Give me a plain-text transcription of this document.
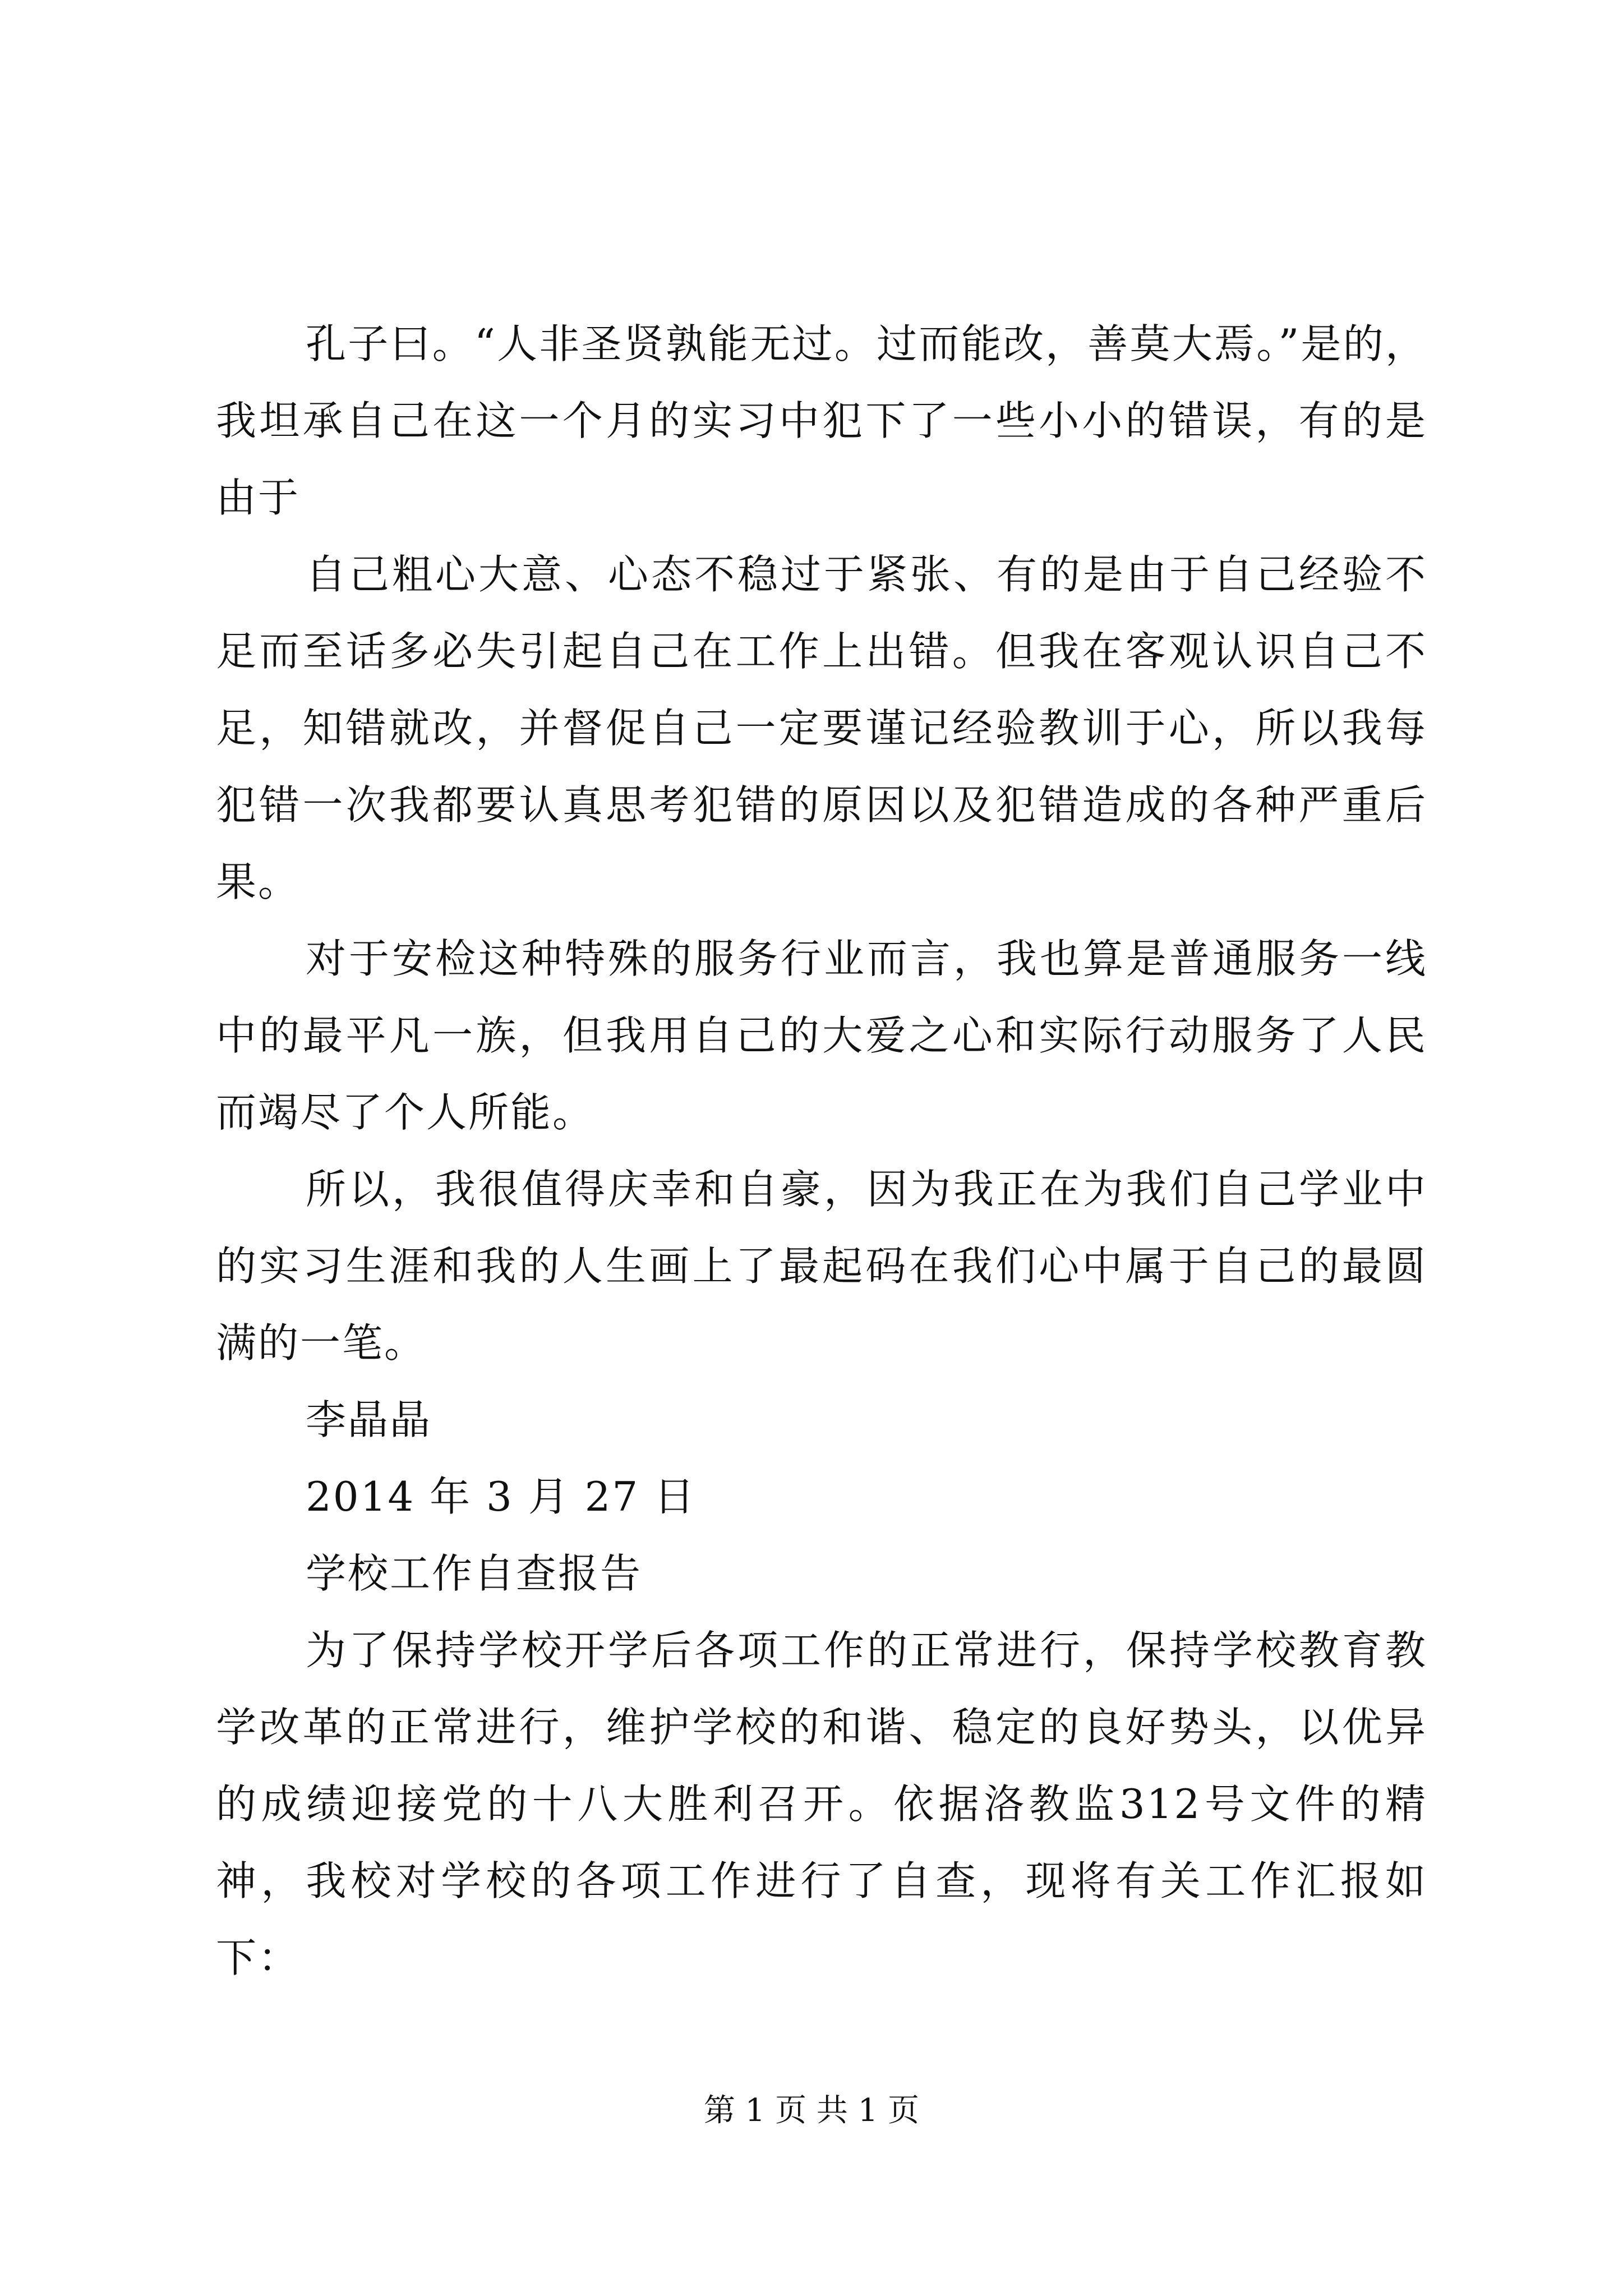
孔子曰。“人非圣贤孰能无过。过而能改，善莫大焉。”是的，我坦承自己在这一个月的实习中犯下了一些小小的错误，有的是由于

自己粗心大意、心态不稳过于紧张、有的是由于自己经验不足而至话多必失引起自己在工作上出错。但我在客观认识自己不足，知错就改，并督促自己一定要谨记经验教训于心，所以我每犯错一次我都要认真思考犯错的原因以及犯错造成的各种严重后果。

对于安检这种特殊的服务行业而言，我也算是普通服务一线中的最平凡一族，但我用自己的大爱之心和实际行动服务了人民而竭尽了个人所能。

所以，我很值得庆幸和自豪，因为我正在为我们自己学业中的实习生涯和我的人生画上了最起码在我们心中属于自己的最圆满的一笔。

李晶晶

2014 年 3 月 27 日

学校工作自查报告

为了保持学校开学后各项工作的正常进行，保持学校教育教学改革的正常进行，维护学校的和谐、稳定的良好势头，以优异的成绩迎接党的十八大胜利召开。依据洛教监312号文件的精神，我校对学校的各项工作进行了自查，现将有关工作汇报如下：

第 1 页 共 1 页
